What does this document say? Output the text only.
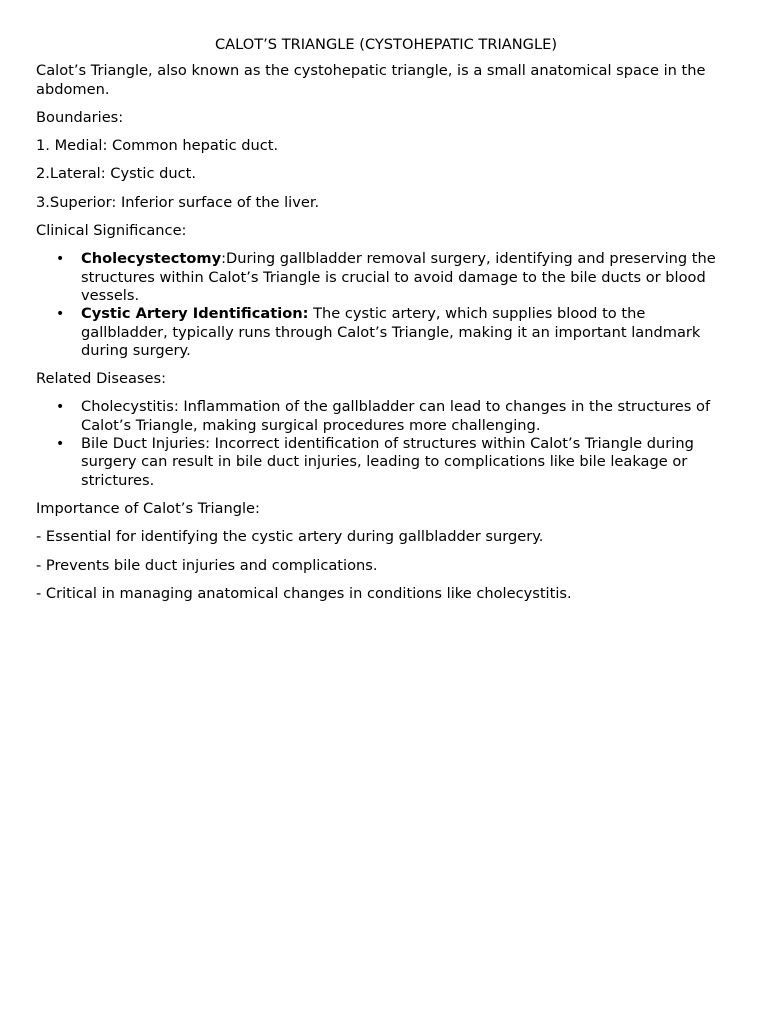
CALOT’S TRIANGLE (CYSTOHEPATIC TRIANGLE)

Calot’s Triangle, also known as the cystohepatic triangle, is a small anatomical space in the abdomen.

Boundaries:

1. Medial: Common hepatic duct.

2.Lateral: Cystic duct.

3.Superior: Inferior surface of the liver.

Clinical Significance:

• Cholecystectomy:During gallbladder removal surgery, identifying and preserving the structures within Calot’s Triangle is crucial to avoid damage to the bile ducts or blood vessels.
• Cystic Artery Identification: The cystic artery, which supplies blood to the gallbladder, typically runs through Calot’s Triangle, making it an important landmark during surgery.

Related Diseases:

• Cholecystitis: Inflammation of the gallbladder can lead to changes in the structures of Calot’s Triangle, making surgical procedures more challenging.
• Bile Duct Injuries: Incorrect identification of structures within Calot’s Triangle during surgery can result in bile duct injuries, leading to complications like bile leakage or strictures.

Importance of Calot’s Triangle:

- Essential for identifying the cystic artery during gallbladder surgery.

- Prevents bile duct injuries and complications.

- Critical in managing anatomical changes in conditions like cholecystitis.
